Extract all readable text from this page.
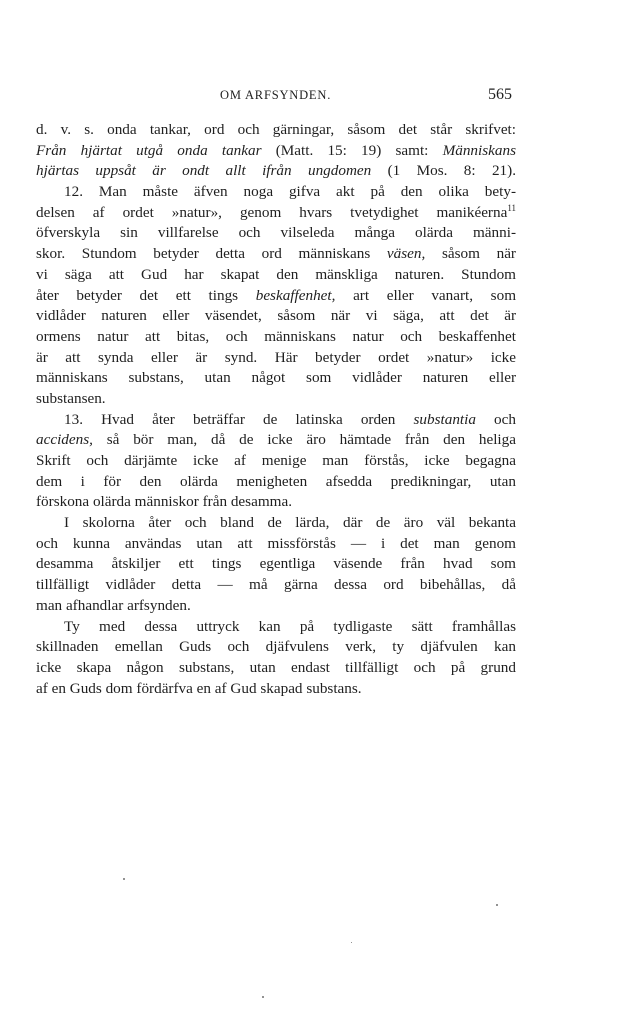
OM ARFSYNDEN.	565
d. v. s. onda tankar, ord och gärningar, såsom det står skrifvet:
Från hjärtat utgå onda tankar (Matt. 15: 19) samt: Människans
hjärtas uppsåt är ondt allt ifrån ungdomen (1 Mos. 8: 21).
12. Man måste äfven noga gifva akt på den olika bety-
delsen af ordet »natur», genom hvars tvetydighet manikéerna$^{11}$
öfverskyla sin villfarelse och vilseleda många olärda männi-
skor. Stundom betyder detta ord människans väsen, såsom när
vi säga att Gud har skapat den mänskliga naturen. Stundom
åter betyder det ett tings beskaffenhet, art eller vanart, som
vidlåder naturen eller väsendet, såsom när vi säga, att det är
ormens natur att bitas, och människans natur och beskaffenhet
är att synda eller är synd. Här betyder ordet »natur» icke
människans substans, utan något som vidlåder naturen eller
substansen.
13. Hvad åter beträffar de latinska orden substantia och
accidens, så bör man, då de icke äro hämtade från den heliga
Skrift och därjämte icke af menige man förstås, icke begagna
dem i för den olärda menigheten afsedda predikningar, utan
förskona olärda människor från desamma.
I skolorna åter och bland de lärda, där de äro väl bekanta
och kunna användas utan att missförstås — i det man genom
desamma åtskiljer ett tings egentliga väsende från hvad som
tillfälligt vidlåder detta — må gärna dessa ord bibehållas, då
man afhandlar arfsynden.
Ty med dessa uttryck kan på tydligaste sätt framhållas
skillnaden emellan Guds och djäfvulens verk, ty djäfvulen kan
icke skapa någon substans, utan endast tillfälligt och på grund
af en Guds dom fördärfva en af Gud skapad substans.
